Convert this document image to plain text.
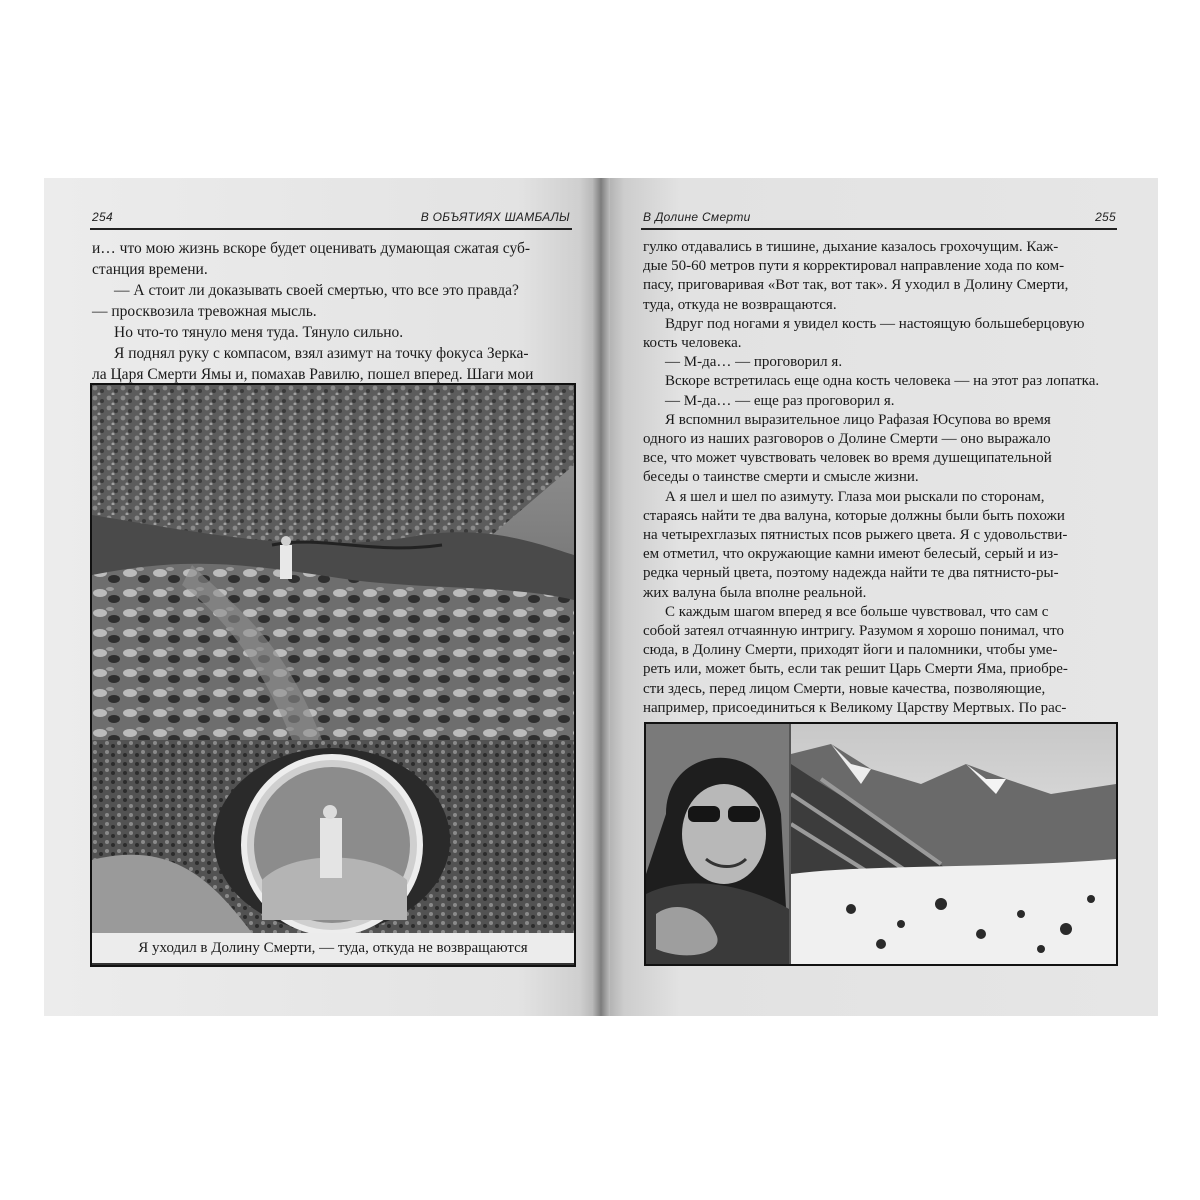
254	В ОБЪЯТИЯХ ШАМБАЛЫ

и… что мою жизнь вскоре будет оценивать думающая сжатая суб-

станция времени.

— А стоит ли доказывать своей смертью, что все это правда?

— просквозила тревожная мысль.

Но что-то тянуло меня туда. Тянуло сильно.

Я поднял руку с компасом, взял азимут на точку фокуса Зерка-

ла Царя Смерти Ямы и, помахав Равилю, пошел вперед. Шаги мои

Я уходил в Долину Смерти, — туда, откуда не возвращаются
В Долине Смерти	255

гулко отдавались в тишине, дыхание казалось грохочущим. Каж-

дые 50-60 метров пути я корректировал направление хода по ком-

пасу, приговаривая «Вот так, вот так». Я уходил в Долину Смерти,

туда, откуда не возвращаются.

Вдруг под ногами я увидел кость — настоящую большеберцовую

кость человека.

— М-да… — проговорил я.

Вскоре встретилась еще одна кость человека — на этот раз лопатка.

— М-да… — еще раз проговорил я.

Я вспомнил выразительное лицо Рафазая Юсупова во время

одного из наших разговоров о Долине Смерти — оно выражало

все, что может чувствовать человек во время душещипательной

беседы о таинстве смерти и смысле жизни.

А я шел и шел по азимуту. Глаза мои рыскали по сторонам,

стараясь найти те два валуна, которые должны были быть похожи

на четырехглазых пятнистых псов рыжего цвета. Я с удовольстви-

ем отметил, что окружающие камни имеют белесый, серый и из-

редка черный цвета, поэтому надежда найти те два пятнисто-ры-

жих валуна была вполне реальной.

С каждым шагом вперед я все больше чувствовал, что сам с

собой затеял отчаянную интригу. Разумом я хорошо понимал, что

сюда, в Долину Смерти, приходят йоги и паломники, чтобы уме-

реть или, может быть, если так решит Царь Смерти Яма, приобре-

сти здесь, перед лицом Смерти, новые качества, позволяющие,

например, присоединиться к Великому Царству Мертвых. По рас-
